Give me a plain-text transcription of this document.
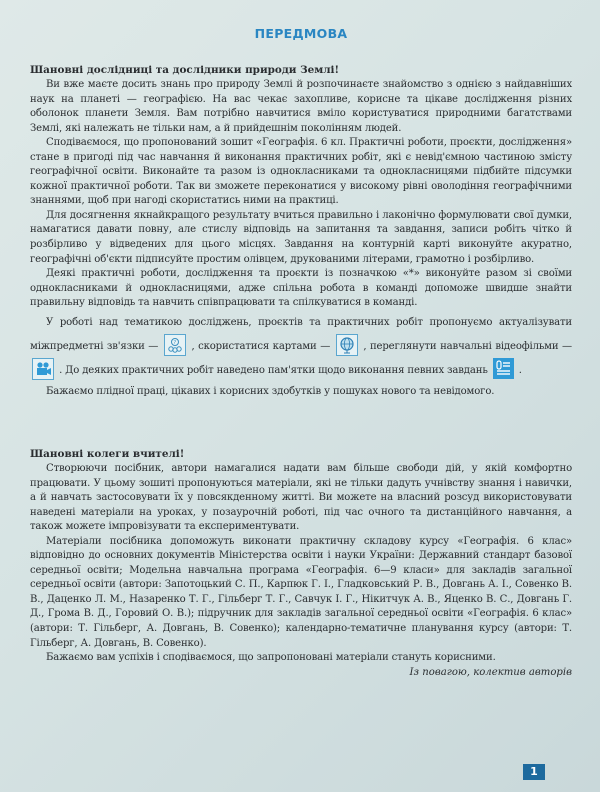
ПЕРЕДМОВА

Шановні дослідниці та дослідники природи Землі!

Ви вже маєте досить знань про природу Землі й розпочинаєте знайомство з однією з найдавніших наук на планеті — географією. На вас чекає захопливе, корисне та цікаве дослідження різних оболонок планети Земля. Вам потрібно навчитися вміло користуватися природними багатствами Землі, які належать не тільки нам, а й прийдешнім поколінням людей.

Сподіваємося, що пропонований зошит «Географія. 6 кл. Практичні роботи, проєкти, дослідження» стане в пригоді під час навчання й виконання практичних робіт, які є невід'ємною частиною змісту географічної освіти. Виконайте та разом із однокласниками та однокласницями підбийте підсумки кожної практичної роботи. Так ви зможете переконатися у високому рівні оволодіння географічними знаннями, щоб при нагоді скористатись ними на практиці.

Для досягнення якнайкращого результату вчиться правильно і лаконічно формулювати свої думки, намагатися давати повну, але стислу відповідь на запитання та завдання, записи робіть чітко й розбірливо у відведених для цього місцях. Завдання на контурній карті виконуйте акуратно, географічні об'єкти підписуйте простим олівцем, друкованими літерами, грамотно і розбірливо.

Деякі практичні роботи, дослідження та проєкти із позначкою «*» виконуйте разом зі своїми однокласниками й однокласницями, адже спільна робота в команді допоможе швидше знайти правильну відповідь та навчить співпрацювати та спілкуватися в команді.

У роботі над тематикою досліджень, проєктів та практичних робіт пропонуємо актуалізувати міжпредметні зв'язки —	? , скористатися картами —	, переглянути навчальні відеофільми —
. До деяких практичних робіт наведено пам'ятки щодо виконання певних завдань	.

Бажаємо плідної праці, цікавих і корисних здобутків у пошуках нового та невідомого.

Шановні колеги вчителі!

Створюючи посібник, автори намагалися надати вам більше свободи дій, у якій комфортно працювати. У цьому зошиті пропонуються матеріали, які не тільки дадуть учнівству знання і навички, а й навчать застосовувати їх у повсякденному житті. Ви можете на власний розсуд використовувати наведені матеріали на уроках, у позаурочній роботі, під час очного та дистанційного навчання, а також можете імпровізувати та експериментувати.

Матеріали посібника допоможуть виконати практичну складову курсу «Географія. 6 клас» відповідно до основних документів Міністерства освіти і науки України: Державний стандарт базової середньої освіти; Модельна навчальна програма «Географія. 6—9 класи» для закладів загальної середньої освіти (автори: Запотоцький С. П., Карпюк Г. І., Гладковський Р. В., Довгань А. І., Совенко В. В., Даценко Л. М., Назаренко Т. Г., Гільберг Т. Г., Савчук І. Г., Нікитчук А. В., Яценко В. С., Довгань Г. Д., Грома В. Д., Горовий О. В.); підручник для закладів загальної середньої освіти «Географія. 6 клас» (автори: Т. Гільберг, А. Довгань, В. Совенко); календарно-тематичне планування курсу (автори: Т. Гільберг, А. Довгань, В. Совенко).

Бажаємо вам успіхів і сподіваємося, що запропоновані матеріали стануть корисними.

Із повагою, колектив авторів

1
